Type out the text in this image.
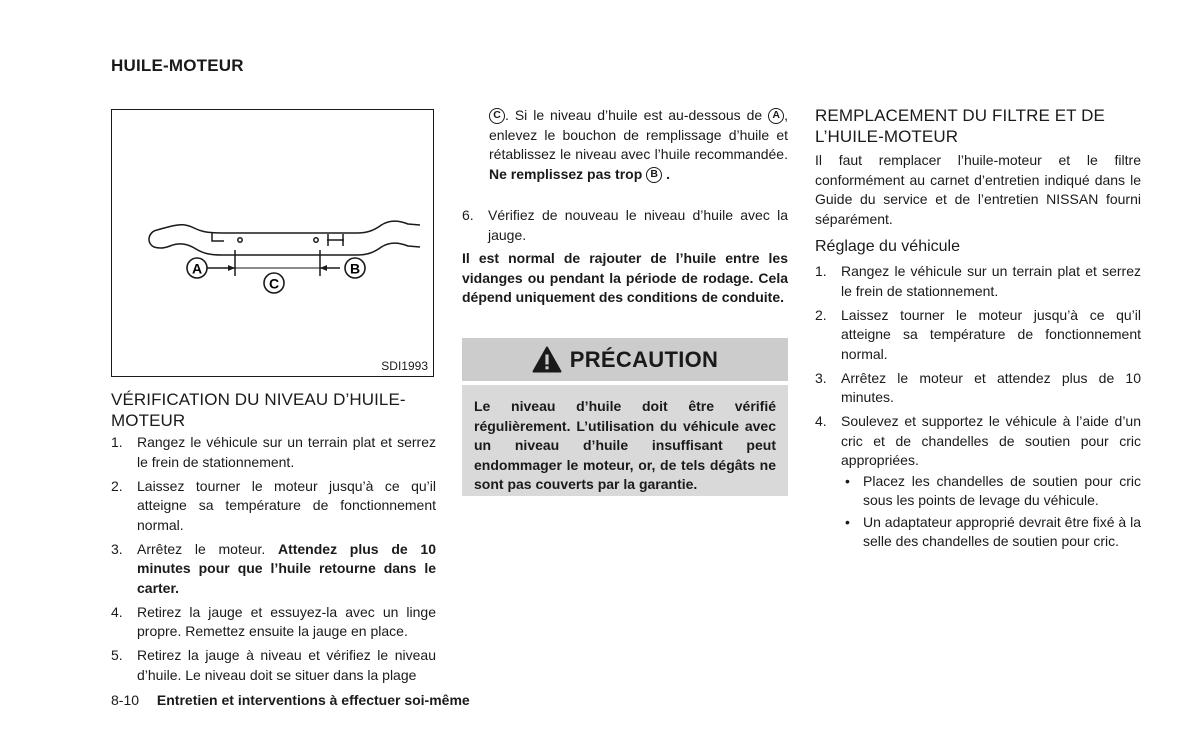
HUILE-MOTEUR
A	B
C
SDI1993
VÉRIFICATION DU NIVEAU D’HUILE-MOTEUR
1. Rangez le véhicule sur un terrain plat et serrez le frein de stationnement.
2. Laissez tourner le moteur jusqu’à ce qu’il atteigne sa température de fonctionnement normal.
3. Arrêtez le moteur. Attendez plus de 10 minutes pour que l’huile retourne dans le carter.
4. Retirez la jauge et essuyez-la avec un linge propre. Remettez ensuite la jauge en place.
5. Retirez la jauge à niveau et vérifiez le niveau d’huile. Le niveau doit se situer dans la plage

C . Si le niveau d’huile est au-dessous de A , enlevez le bouchon de remplissage d’huile et rétablissez le niveau avec l’huile recommandée. Ne remplissez pas trop B .

6. Vérifiez de nouveau le niveau d’huile avec la jauge.

Il est normal de rajouter de l’huile entre les vidanges ou pendant la période de rodage. Cela dépend uniquement des conditions de conduite.

PRÉCAUTION

Le niveau d’huile doit être vérifié régulièrement. L’utilisation du véhicule avec un niveau d’huile insuffisant peut endommager le moteur, or, de tels dégâts ne sont pas couverts par la garantie.

REMPLACEMENT DU FILTRE ET DE L’HUILE-MOTEUR

Il faut remplacer l’huile-moteur et le filtre conformément au carnet d’entretien indiqué dans le Guide du service et de l’entretien NISSAN fourni séparément.

Réglage du véhicule
1. Rangez le véhicule sur un terrain plat et serrez le frein de stationnement.
2. Laissez tourner le moteur jusqu’à ce qu’il atteigne sa température de fonctionnement normal.
3. Arrêtez le moteur et attendez plus de 10 minutes.
4. Soulevez et supportez le véhicule à l’aide d’un cric et de chandelles de soutien pour cric appropriées.
• Placez les chandelles de soutien pour cric sous les points de levage du véhicule.
• Un adaptateur approprié devrait être fixé à la selle des chandelles de soutien pour cric.
8-10 Entretien et interventions à effectuer soi-même
